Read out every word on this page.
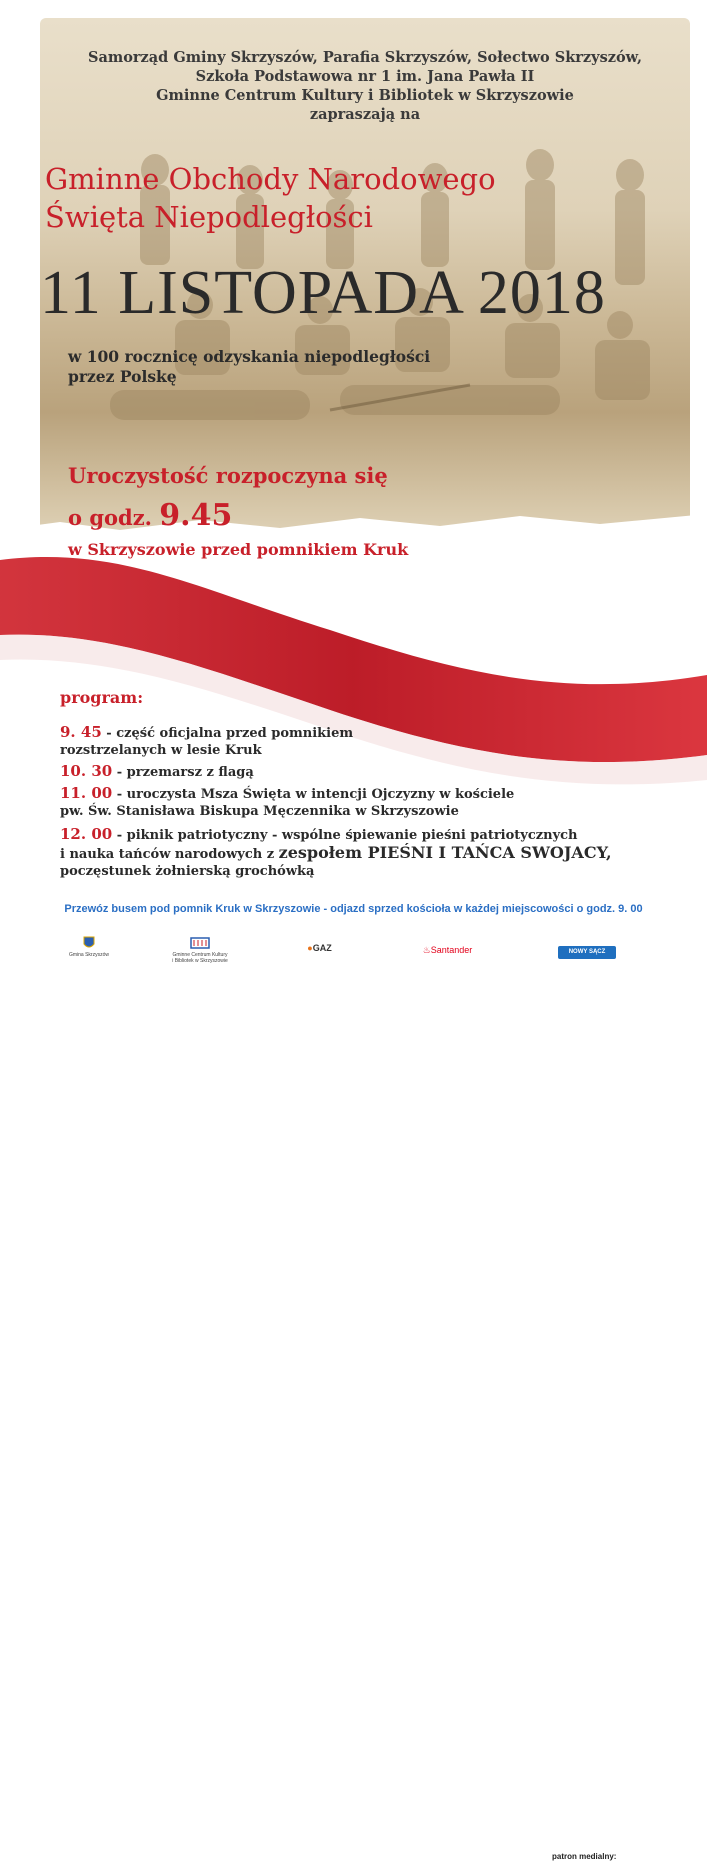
Samorząd Gminy Skrzyszów, Parafia Skrzyszów, Sołectwo Skrzyszów,
Szkoła Podstawowa nr 1 im. Jana Pawła II
Gminne Centrum Kultury i Bibliotek w Skrzyszowie
zapraszają na
Gminne Obchody Narodowego
Święta Niepodległości
11 LISTOPADA 2018
w 100 rocznicę odzyskania niepodległości
przez Polskę
Uroczystość rozpoczyna się
o godz. 9.45
w Skrzyszowie przed pomnikiem Kruk
program:
9. 45 - część oficjalna przed pomnikiem
rozstrzelanych w lesie Kruk
10. 30 - przemarsz z flagą
11. 00 - uroczysta Msza Święta w intencji Ojczyzny w kościele
pw. Św. Stanisława Biskupa Męczennika w Skrzyszowie
12. 00 - piknik patriotyczny - wspólne śpiewanie pieśni patriotycznych
i nauka tańców narodowych z zespołem PIEŚNI I TAŃCA SWOJACY,
poczęstunek żołnierską grochówką
Przewóz busem pod pomnik Kruk w Skrzyszowie - odjazd sprzed kościoła w każdej miejscowości o godz. 9. 00
Gmina Skrzyszów	Gminne Centrum Kultury
i Bibliotek w Skrzyszowie
●GAZ	♨Santander
patron medialny:
NOWY SĄCZ
